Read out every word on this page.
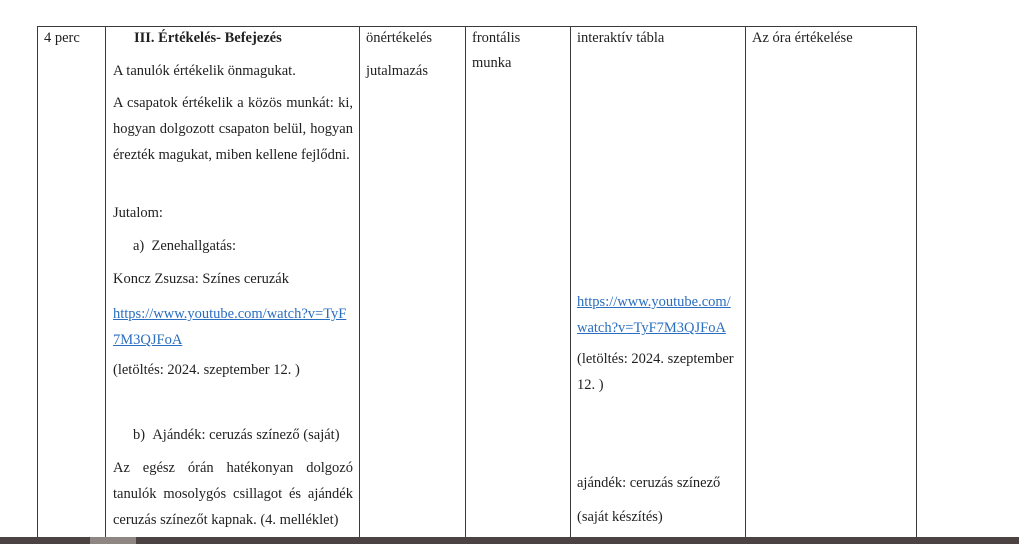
4 perc	III. Értékelés- Befejezés
A tanulók értékelik önmagukat.
A csapatok értékelik a közös munkát: ki, hogyan dolgozott csapaton belül, hogyan érezték magukat, miben kellene fejlődni.
Jutalom:
a)  Zenehallgatás:
Koncz Zsuzsa: Színes ceruzák
https://www.youtube.com/watch?v=TyF
7M3QJFoA
(letöltés: 2024. szeptember 12. )
b)  Ajándék: ceruzás színező (saját)
Az egész órán hatékonyan dolgozó tanulók mosolygós csillagot és ajándék ceruzás színezőt kapnak. (4. melléklet)
önértékelés
jutalmazás
frontális
munka
interaktív tábla
https://www.youtube.com/
watch?v=TyF7M3QJFoA
(letöltés: 2024. szeptember
12. )
ajándék: ceruzás színező
(saját készítés)
Az óra értékelése
